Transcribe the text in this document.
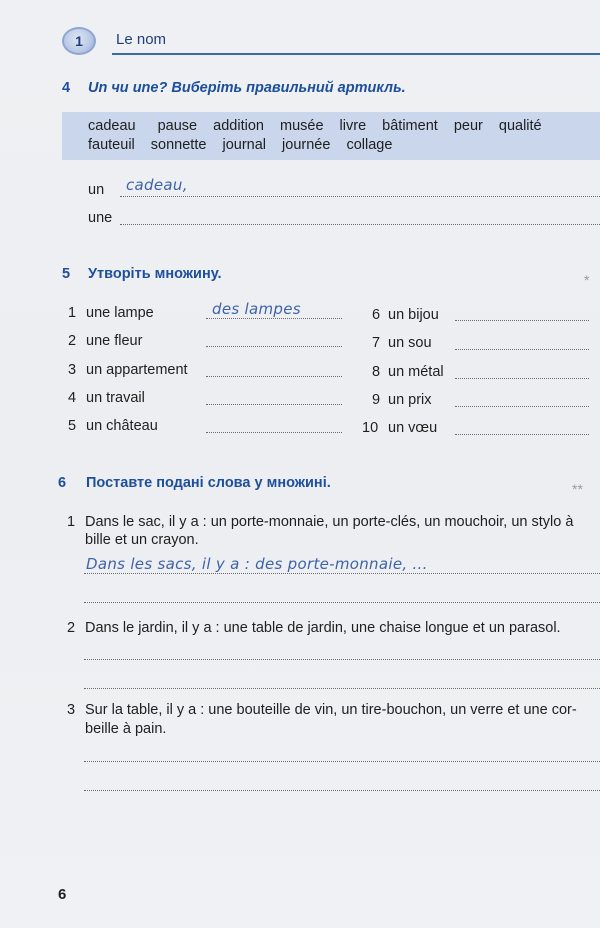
1 Le nom
4 Un чи une? Виберіть правильний артикль.
cadeau pause addition musée livre bâtiment peur qualité
fauteuil sonnette journal journée collage
un cadeau,
une
5 Утворіть множину.	*
1 une lampe	des lampes
2 une fleur
3 un appartement
4 un travail
5 un château
6 un bijou
7 un sou
8 un métal
9 un prix
10 un vœu
6 Поставте подані слова у множині.	**
1 Dans le sac, il y a : un porte-monnaie, un porte-clés, un mouchoir, un stylo à
bille et un crayon.
Dans les sacs, il y a : des porte-monnaie, ...
2 Dans le jardin, il y a : une table de jardin, une chaise longue et un parasol.
3 Sur la table, il y a : une bouteille de vin, un tire-bouchon, un verre et une cor-
beille à pain.
6
